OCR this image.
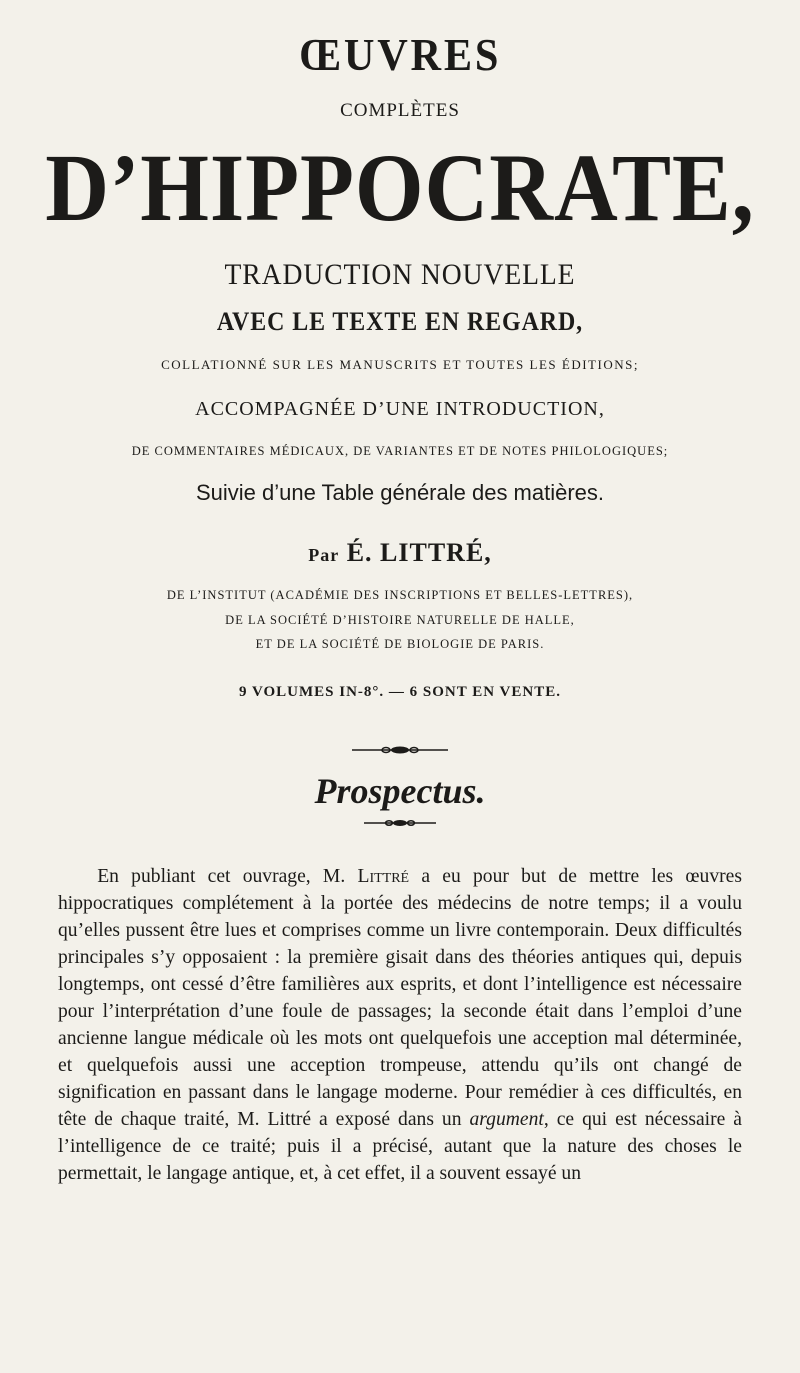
ŒUVRES
COMPLÈTES
D’HIPPOCRATE,
TRADUCTION NOUVELLE
AVEC LE TEXTE EN REGARD,
COLLATIONNÉ SUR LES MANUSCRITS ET TOUTES LES ÉDITIONS;
ACCOMPAGNÉE D’UNE INTRODUCTION,
DE COMMENTAIRES MÉDICAUX, DE VARIANTES ET DE NOTES PHILOLOGIQUES;
Suivie d’une Table générale des matières.
Par É. LITTRÉ,
DE L’INSTITUT (ACADÉMIE DES INSCRIPTIONS ET BELLES-LETTRES),
DE LA SOCIÉTÉ D’HISTOIRE NATURELLE DE HALLE,
ET DE LA SOCIÉTÉ DE BIOLOGIE DE PARIS.
9 VOLUMES IN-8°. — 6 SONT EN VENTE.
Prospectus.
En publiant cet ouvrage, M. Littré a eu pour but de mettre les œuvres hippocratiques complétement à la portée des médecins de notre temps; il a voulu qu’elles pussent être lues et comprises comme un livre contemporain. Deux difficultés principales s’y opposaient : la première gisait dans des théories antiques qui, depuis longtemps, ont cessé d’être familières aux esprits, et dont l’intelligence est nécessaire pour l’interprétation d’une foule de passages; la seconde était dans l’emploi d’une ancienne langue médicale où les mots ont quelquefois une acception mal déterminée, et quelquefois aussi une acception trompeuse, attendu qu’ils ont changé de signification en passant dans le langage moderne. Pour remédier à ces difficultés, en tête de chaque traité, M. Littré a exposé dans un argument, ce qui est nécessaire à l’intelligence de ce traité; puis il a précisé, autant que la nature des choses le permettait, le langage antique, et, à cet effet, il a souvent essayé un
